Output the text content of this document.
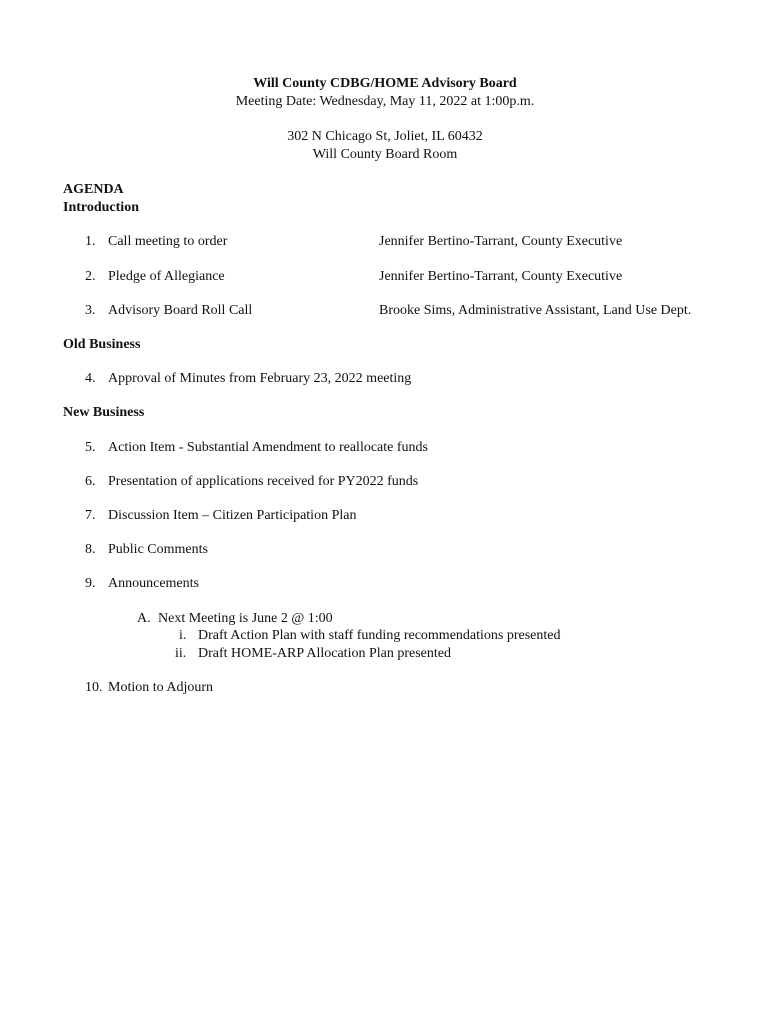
Will County CDBG/HOME Advisory Board
Meeting Date: Wednesday, May 11, 2022 at 1:00p.m.
302 N Chicago St, Joliet, IL 60432
Will County Board Room
AGENDA
Introduction
1. Call meeting to order	Jennifer Bertino-Tarrant, County Executive
2. Pledge of Allegiance	Jennifer Bertino-Tarrant, County Executive
3. Advisory Board Roll Call	Brooke Sims, Administrative Assistant, Land Use Dept.
Old Business
4. Approval of Minutes from February 23, 2022 meeting
New Business
5. Action Item - Substantial Amendment to reallocate funds
6. Presentation of applications received for PY2022 funds
7. Discussion Item – Citizen Participation Plan
8. Public Comments
9. Announcements
A. Next Meeting is June 2 @ 1:00
i. Draft Action Plan with staff funding recommendations presented
ii. Draft HOME-ARP Allocation Plan presented
10. Motion to Adjourn
